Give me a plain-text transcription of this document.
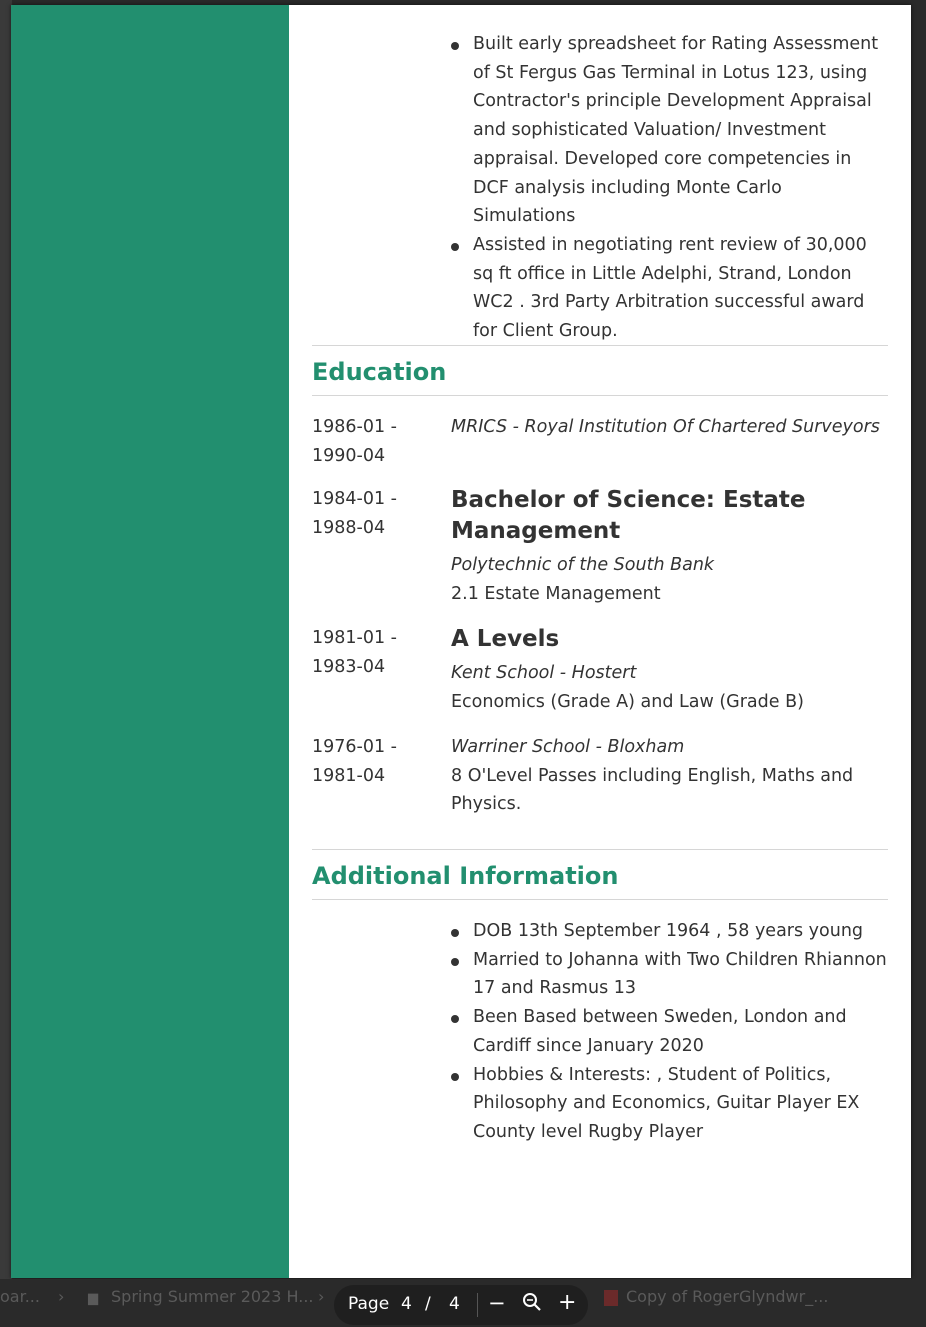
Built early spreadsheet for Rating Assessment of St Fergus Gas Terminal in Lotus 123, using Contractor's principle Development Appraisal and sophisticated Valuation/ Investment appraisal. Developed core competencies in DCF analysis including Monte Carlo Simulations
Assisted in negotiating rent review of 30,000 sq ft office in Little Adelphi, Strand, London WC2 . 3rd Party Arbitration successful award for Client Group.
Education
1986-01 -
1990-04
MRICS - Royal Institution Of Chartered Surveyors
1984-01 -
1988-04
Bachelor of Science: Estate Management
Polytechnic of the South Bank
2.1 Estate Management
1981-01 -
1983-04
A Levels
Kent School - Hostert
Economics (Grade A) and Law (Grade B)
1976-01 -
1981-04
Warriner School - Bloxham
8 O'Level Passes including English, Maths and Physics.
Additional Information
DOB 13th September 1964 , 58 years young
Married to Johanna with Two Children Rhiannon 17 and Rasmus 13
Been Based between Sweden, London and Cardiff since January 2020
Hobbies & Interests: , Student of Politics, Philosophy and Economics, Guitar Player EX County level Rugby Player
oar... › ▆ Spring Summer 2023 H... ›	Copy of RogerGlyndwr_...
Page 4 / 4 − +
